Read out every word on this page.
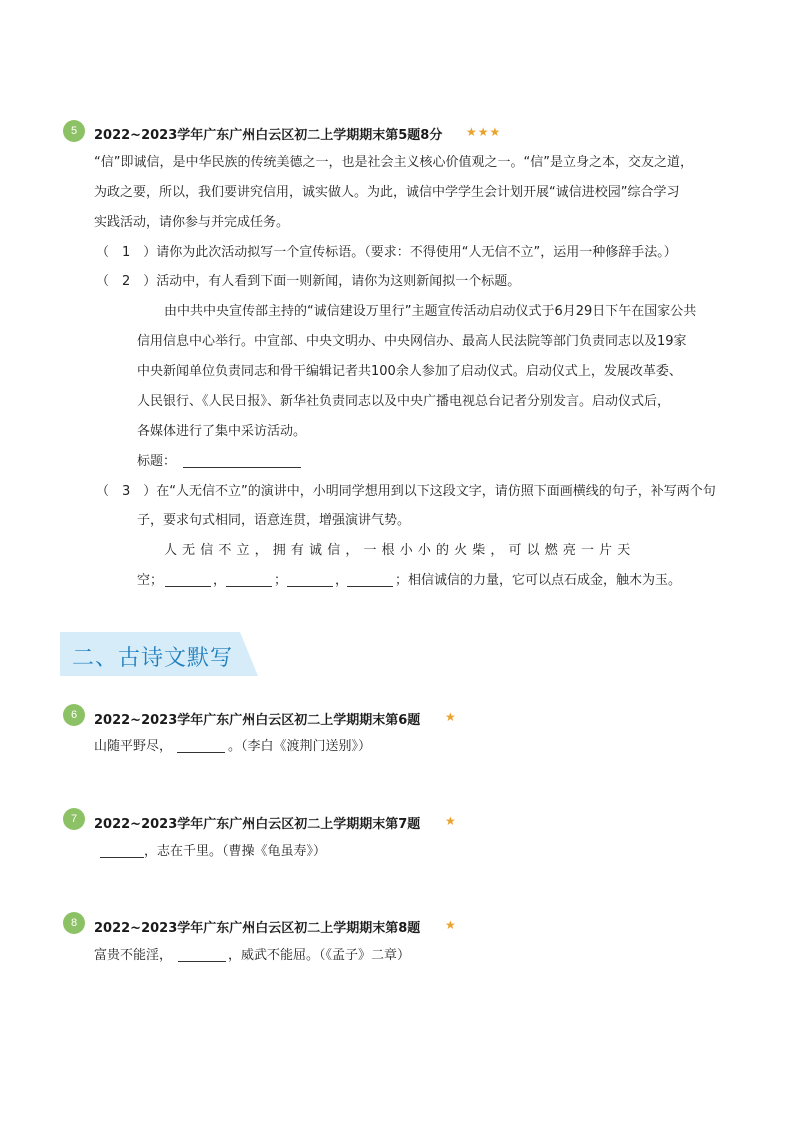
5	2022~2023学年广东广州白云区初二上学期期末第5题8分 ★★★
“信”即诚信，是中华民族的传统美德之一，也是社会主义核心价值观之一。“信”是立身之本，交友之道，
为政之要，所以，我们要讲究信用，诚实做人。为此，诚信中学学生会计划开展“诚信进校园”综合学习
实践活动，请你参与并完成任务。
（　1　）请你为此次活动拟写一个宣传标语。（要求：不得使用“人无信不立”，运用一种修辞手法。）
（　2　）活动中，有人看到下面一则新闻，请你为这则新闻拟一个标题。
由中共中央宣传部主持的“诚信建设万里行”主题宣传活动启动仪式于6月29日下午在国家公共
信用信息中心举行。中宣部、中央文明办、中央网信办、最高人民法院等部门负责同志以及19家
中央新闻单位负责同志和骨干编辑记者共100余人参加了启动仪式。启动仪式上，发展改革委、
人民银行、《人民日报》、新华社负责同志以及中央广播电视总台记者分别发言。启动仪式后，
各媒体进行了集中采访活动。
标题：
（　3　）在“人无信不立”的演讲中，小明同学想用到以下这段文字，请仿照下面画横线的句子，补写两个句
子，要求句式相同，语意连贯，增强演讲气势。
人 无 信 不 立 ， 拥 有 诚 信 ， 一 根 小 小 的 火 柴 ， 可 以 燃 亮 一 片 天
空；	，	；	，	；相信诚信的力量，它可以点石成金，触木为玉。
二、古诗文默写
6	2022~2023学年广东广州白云区初二上学期期末第6题 ★
山随平野尽，	。（李白《渡荆门送别》）
7	2022~2023学年广东广州白云区初二上学期期末第7题 ★
，志在千里。（曹操《龟虽寿》）
8	2022~2023学年广东广州白云区初二上学期期末第8题 ★
富贵不能淫，	，威武不能屈。（《孟子》二章）
